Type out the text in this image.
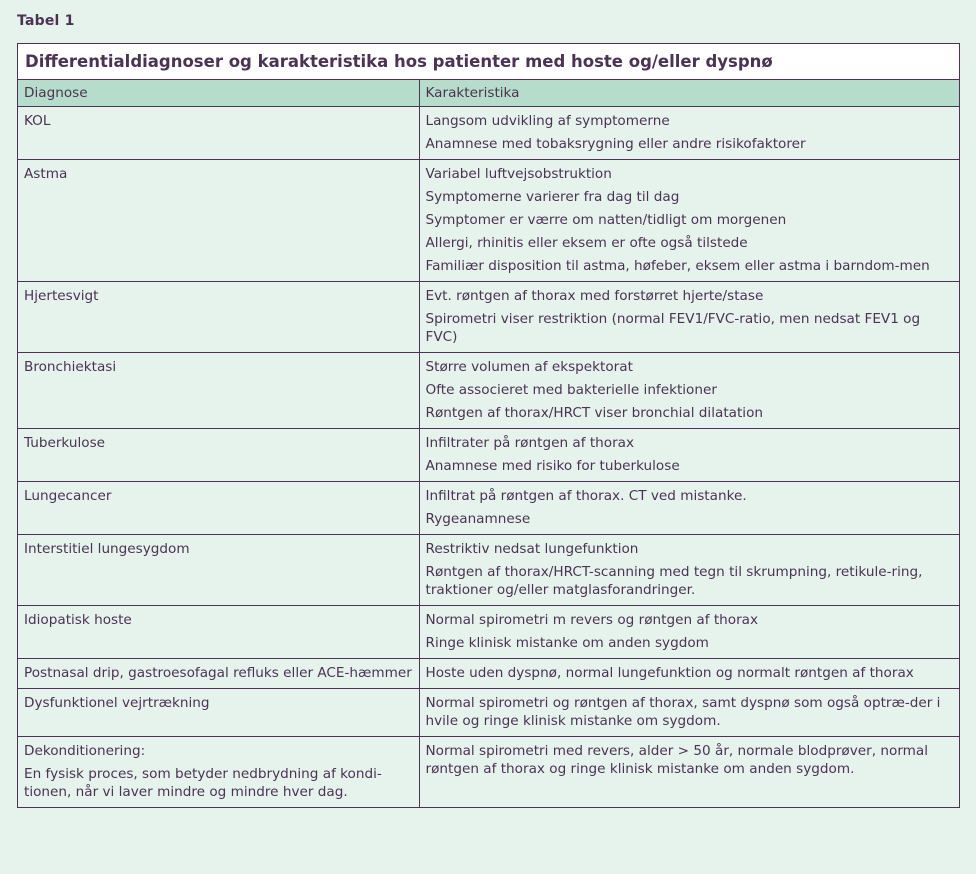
Tabel 1
Differentialdiagnoser og karakteristika hos patienter med hoste og/eller dyspnø
Diagnose	Karakteristika
KOL	Langsom udvikling af symptomerne
Anamnese med tobaksrygning eller andre risikofaktorer

Astma	Variabel luftvejsobstruktion
Symptomerne varierer fra dag til dag
Symptomer er værre om natten/tidligt om morgenen
Allergi, rhinitis eller eksem er ofte også tilstede
Familiær disposition til astma, høfeber, eksem eller astma i barndom-men

Hjertesvigt	Evt. røntgen af thorax med forstørret hjerte/stase
Spirometri viser restriktion (normal FEV1/FVC-ratio, men nedsat FEV1 og FVC)

Bronchiektasi	Større volumen af ekspektorat
Ofte associeret med bakterielle infektioner
Røntgen af thorax/HRCT viser bronchial dilatation

Tuberkulose	Infiltrater på røntgen af thorax
Anamnese med risiko for tuberkulose

Lungecancer	Infiltrat på røntgen af thorax. CT ved mistanke.
Rygeanamnese

Interstitiel lungesygdom	Restriktiv nedsat lungefunktion
Røntgen af thorax/HRCT-scanning med tegn til skrumpning, retikule-ring, traktioner og/eller matglasforandringer.

Idiopatisk hoste	Normal spirometri m revers og røntgen af thorax
Ringe klinisk mistanke om anden sygdom

Postnasal drip, gastroesofagal refluks eller ACE-hæmmer	Hoste uden dyspnø, normal lungefunktion og normalt røntgen af thorax

Dysfunktionel vejrtrækning	Normal spirometri og røntgen af thorax, samt dyspnø som også optræ-der i hvile og ringe klinisk mistanke om sygdom.

Dekonditionering:
En fysisk proces, som betyder nedbrydning af kondi-tionen, når vi laver mindre og mindre hver dag.	Normal spirometri med revers, alder > 50 år, normale blodprøver, normal røntgen af thorax og ringe klinisk mistanke om anden sygdom.
